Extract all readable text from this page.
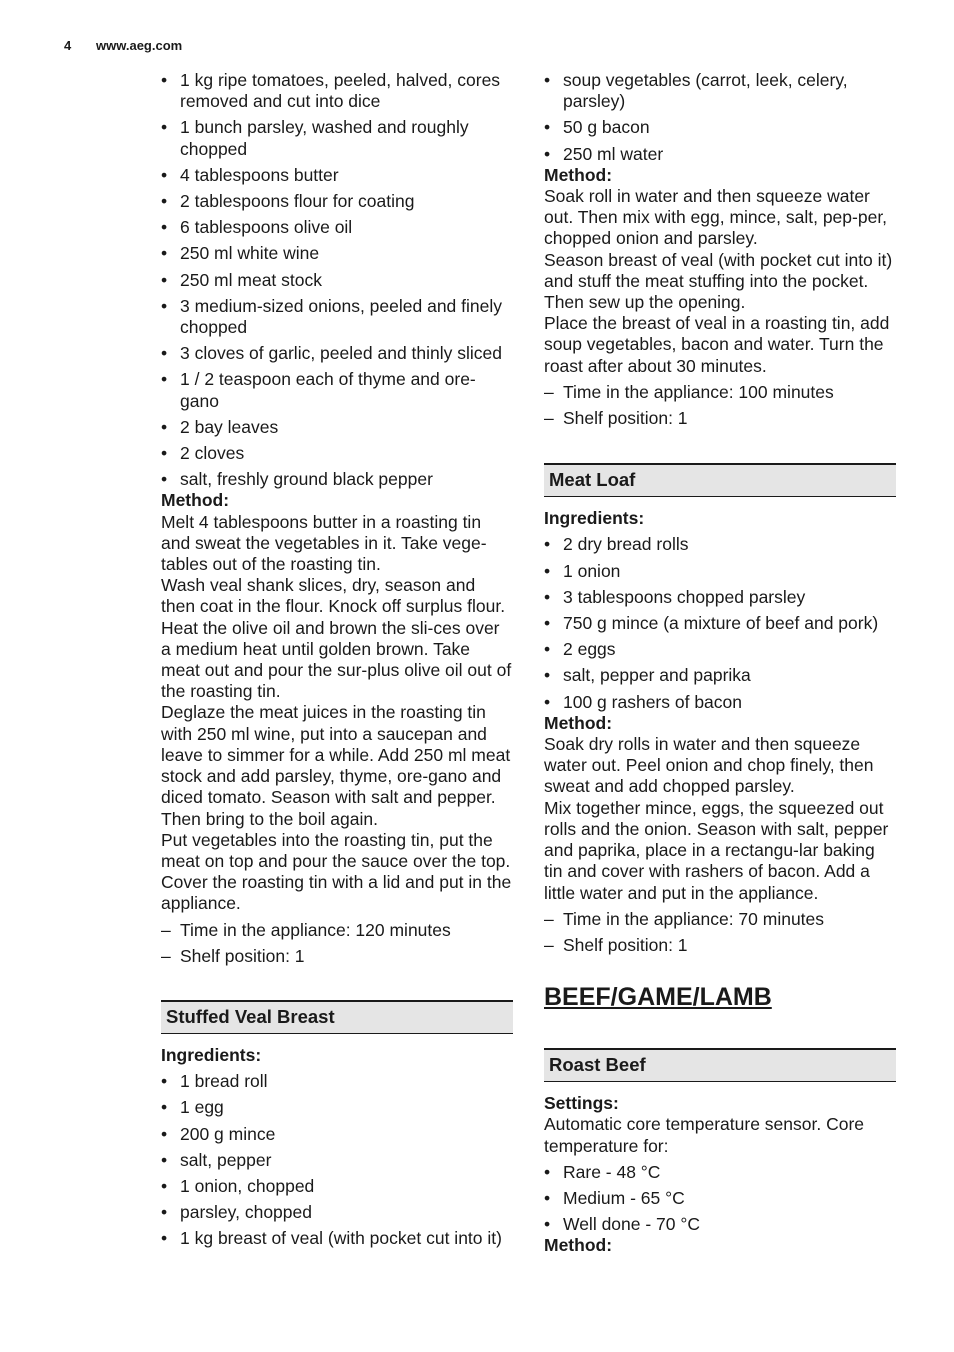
4 www.aeg.com
• 1 kg ripe tomatoes, peeled, halved, cores removed and cut into dice
• 1 bunch parsley, washed and roughly chopped
• 4 tablespoons butter
• 2 tablespoons flour for coating
• 6 tablespoons olive oil
• 250 ml white wine
• 250 ml meat stock
• 3 medium-sized onions, peeled and finely chopped
• 3 cloves of garlic, peeled and thinly sliced
• 1 / 2 teaspoon each of thyme and ore-gano
• 2 bay leaves
• 2 cloves
• salt, freshly ground black pepper
Method:

Melt 4 tablespoons butter in a roasting tin and sweat the vegetables in it. Take vege-tables out of the roasting tin.

Wash veal shank slices, dry, season and then coat in the flour. Knock off surplus flour. Heat the olive oil and brown the sli-ces over a medium heat until golden brown. Take meat out and pour the sur-plus olive oil out of the roasting tin.

Deglaze the meat juices in the roasting tin with 250 ml wine, put into a saucepan and leave to simmer for a while. Add 250 ml meat stock and add parsley, thyme, ore-gano and diced tomato. Season with salt and pepper. Then bring to the boil again.

Put vegetables into the roasting tin, put the meat on top and pour the sauce over the top. Cover the roasting tin with a lid and put in the appliance.

– Time in the appliance: 120 minutes
– Shelf position: 1
Stuffed Veal Breast
Ingredients:
• 1 bread roll
• 1 egg
• 200 g mince
• salt, pepper
• 1 onion, chopped
• parsley, chopped
• 1 kg breast of veal (with pocket cut into it)
• soup vegetables (carrot, leek, celery, parsley)
• 50 g bacon
• 250 ml water
Method:

Soak roll in water and then squeeze water out. Then mix with egg, mince, salt, pep-per, chopped onion and parsley.

Season breast of veal (with pocket cut into it) and stuff the meat stuffing into the pocket. Then sew up the opening.

Place the breast of veal in a roasting tin, add soup vegetables, bacon and water. Turn the roast after about 30 minutes.

– Time in the appliance: 100 minutes
– Shelf position: 1
Meat Loaf
Ingredients:
• 2 dry bread rolls
• 1 onion
• 3 tablespoons chopped parsley
• 750 g mince (a mixture of beef and pork)
• 2 eggs
• salt, pepper and paprika
• 100 g rashers of bacon
Method:

Soak dry rolls in water and then squeeze water out. Peel onion and chop finely, then sweat and add chopped parsley.

Mix together mince, eggs, the squeezed out rolls and the onion. Season with salt, pepper and paprika, place in a rectangu-lar baking tin and cover with rashers of bacon. Add a little water and put in the appliance.

– Time in the appliance: 70 minutes
– Shelf position: 1
BEEF/GAME/LAMB
Roast Beef
Settings:

Automatic core temperature sensor. Core temperature for:

• Rare - 48 °C
• Medium - 65 °C
• Well done - 70 °C
Method:
